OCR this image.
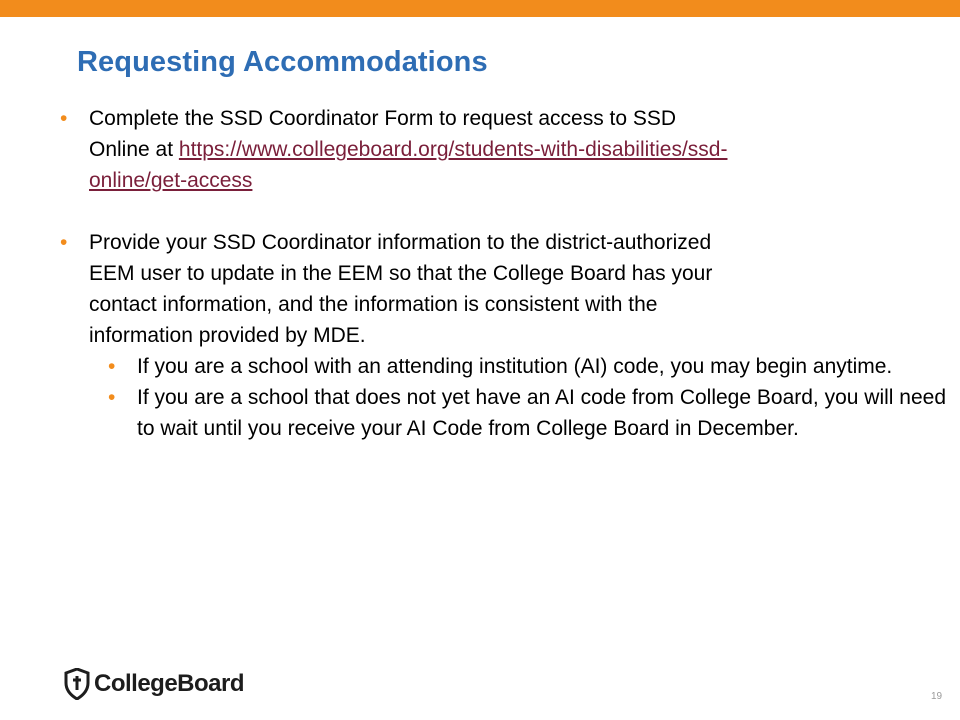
Requesting Accommodations

• Complete the SSD Coordinator Form to request access to SSD Online at https://www.collegeboard.org/students-with-disabilities/ssd-online/get-access

• Provide your SSD Coordinator information to the district-authorized EEM user to update in the EEM so that the College Board has your contact information, and the information is consistent with the information provided by MDE.

• If you are a school with an attending institution (AI) code, you may begin anytime.

• If you are a school that does not yet have an AI code from College Board, you will need to wait until you receive your AI Code from College Board in December.

CollegeBoard	19
